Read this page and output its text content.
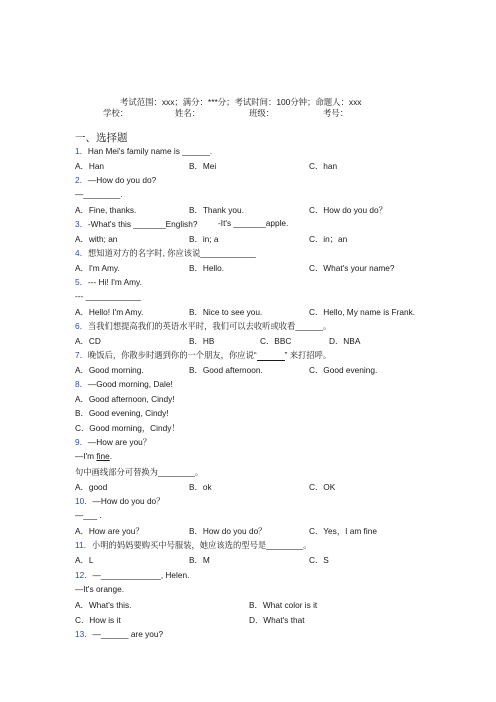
考试范围：xxx；满分：***分；考试时间：100分钟；命题人：xxx
学校：	姓名：	班级：	考号：
一、选择题
1．Han Mei's family name is ______.
A．Han	B．Mei	C．han
2．—How do you do?
—________.
A．Fine, thanks.	B．Thank you.	C．How do you do？
3．-What's this _______English? -It's _______apple.
A．with; an	B．in; a	C．in；an
4．想知道对方的名字时, 你应该说____________
A．I'm Amy.	B．Hello.	C．What's your name?
5．--- Hi! I'm Amy.
--- ____________
A．Hello! I'm Amy.	B．Nice to see you.	C．Hello, My name is Frank.
6．当我们想提高我们的英语水平时，我们可以去收听或收看______。
A．CD	B．HB	C．BBC	D．NBA
7．晚饭后，你散步时遇到你的一个朋友，你应说“	” 来打招呼。
A．Good morning.	B．Good afternoon.	C．Good evening.
8．—Good morning, Dale!
A．Good afternoon, Cindy!
B．Good evening, Cindy!
C．Good morning，Cindy！
9．—How are you？
—I'm fine.
句中画线部分可替换为________。
A．good	B．ok	C．OK
10．—How do you do？
—___ .
A．How are you？	B．How do you do？	C．Yes，I am fine
11．小明的妈妈要购买中号服装，她应该选的型号是________。
A．L	B．M	C．S
12．—_____________, Helen.
—It's orange.
A．What's this.	B．What color is it
C．How is it	D．What's that
13．—______ are you?
